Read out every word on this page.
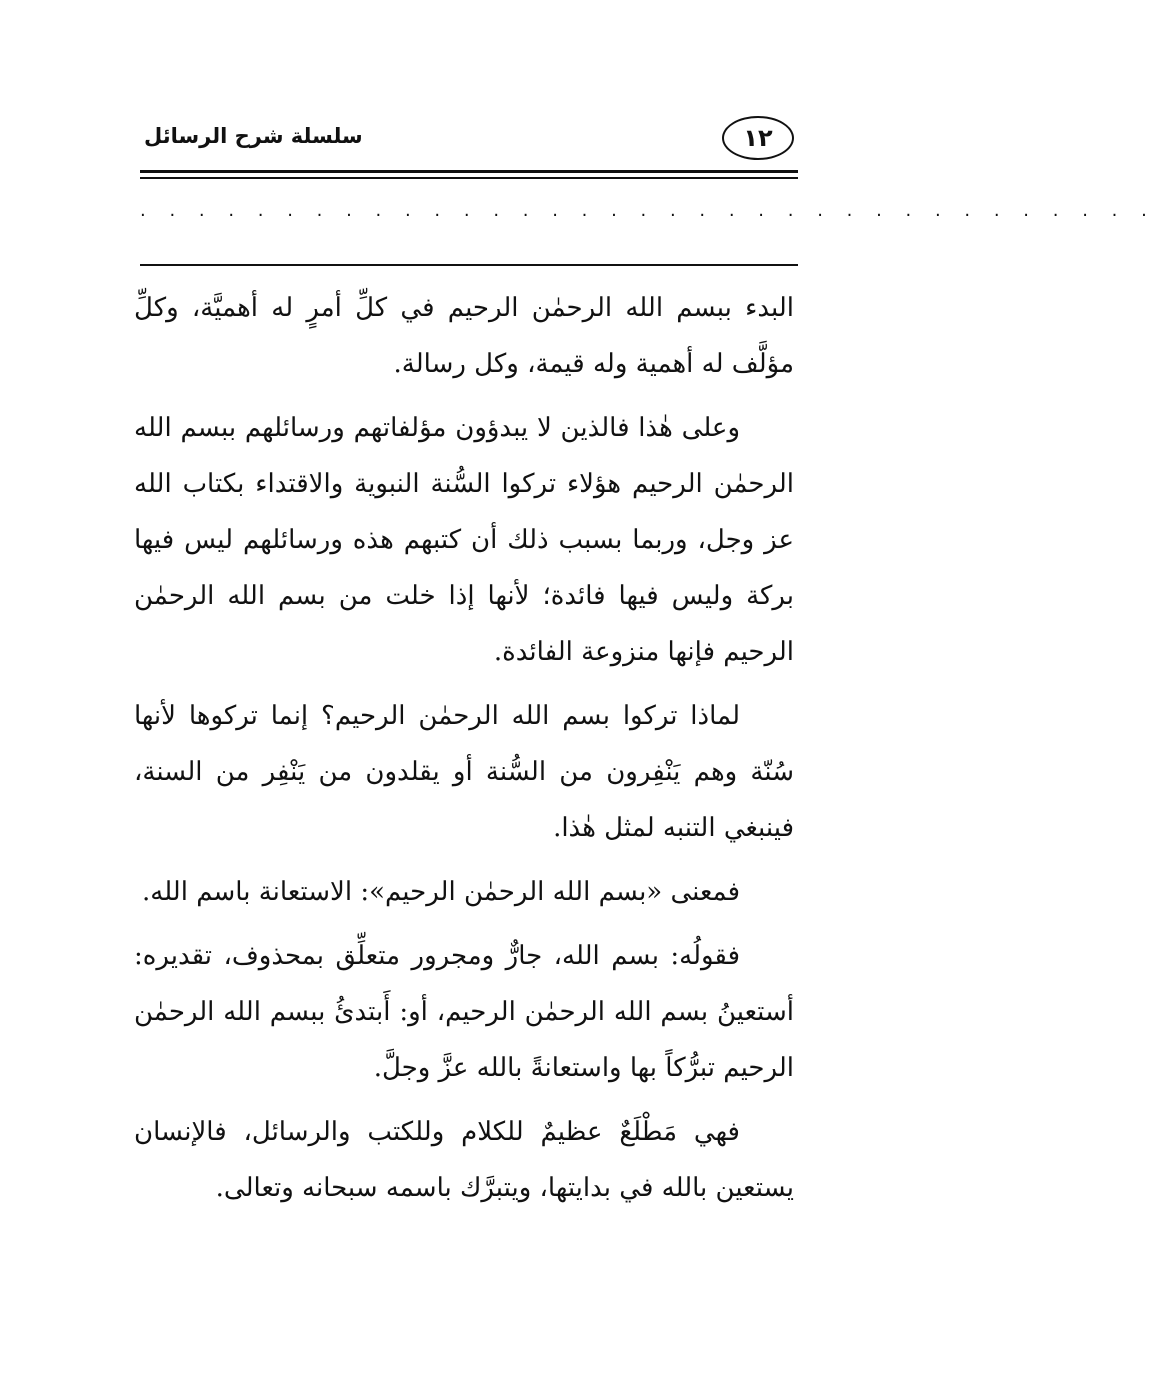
١٢
سلسلة شرح الرسائل
. . . . . . . . . . . . . . . . . . . . . . . . . . . . . . . . . . .

البدء ببسم الله الرحمٰن الرحيم في كلِّ أمرٍ له أهميَّة، وكلِّ مؤلَّف له أهمية وله قيمة، وكل رسالة.

وعلى هٰذا فالذين لا يبدؤون مؤلفاتهم ورسائلهم ببسم الله الرحمٰن الرحيم هؤلاء تركوا السُّنة النبوية والاقتداء بكتاب الله عز وجل، وربما بسبب ذلك أن كتبهم هذه ورسائلهم ليس فيها بركة وليس فيها فائدة؛ لأنها إذا خلت من بسم الله الرحمٰن الرحيم فإنها منزوعة الفائدة.

لماذا تركوا بسم الله الرحمٰن الرحيم؟ إنما تركوها لأنها سُنّة وهم يَنْفِرون من السُّنة أو يقلدون من يَنْفِر من السنة، فينبغي التنبه لمثل هٰذا.

فمعنى «بسم الله الرحمٰن الرحيم»: الاستعانة باسم الله.

فقولُه: بسم الله، جارٌّ ومجرور متعلِّق بمحذوف، تقديره: أستعينُ بسم الله الرحمٰن الرحيم، أو: أَبتدئُ ببسم الله الرحمٰن الرحيم تبرُّكاً بها واستعانةً بالله عزَّ وجلَّ.

فهي مَطْلَعٌ عظيمٌ للكلام وللكتب والرسائل، فالإنسان يستعين بالله في بدايتها، ويتبرَّك باسمه سبحانه وتعالى.
